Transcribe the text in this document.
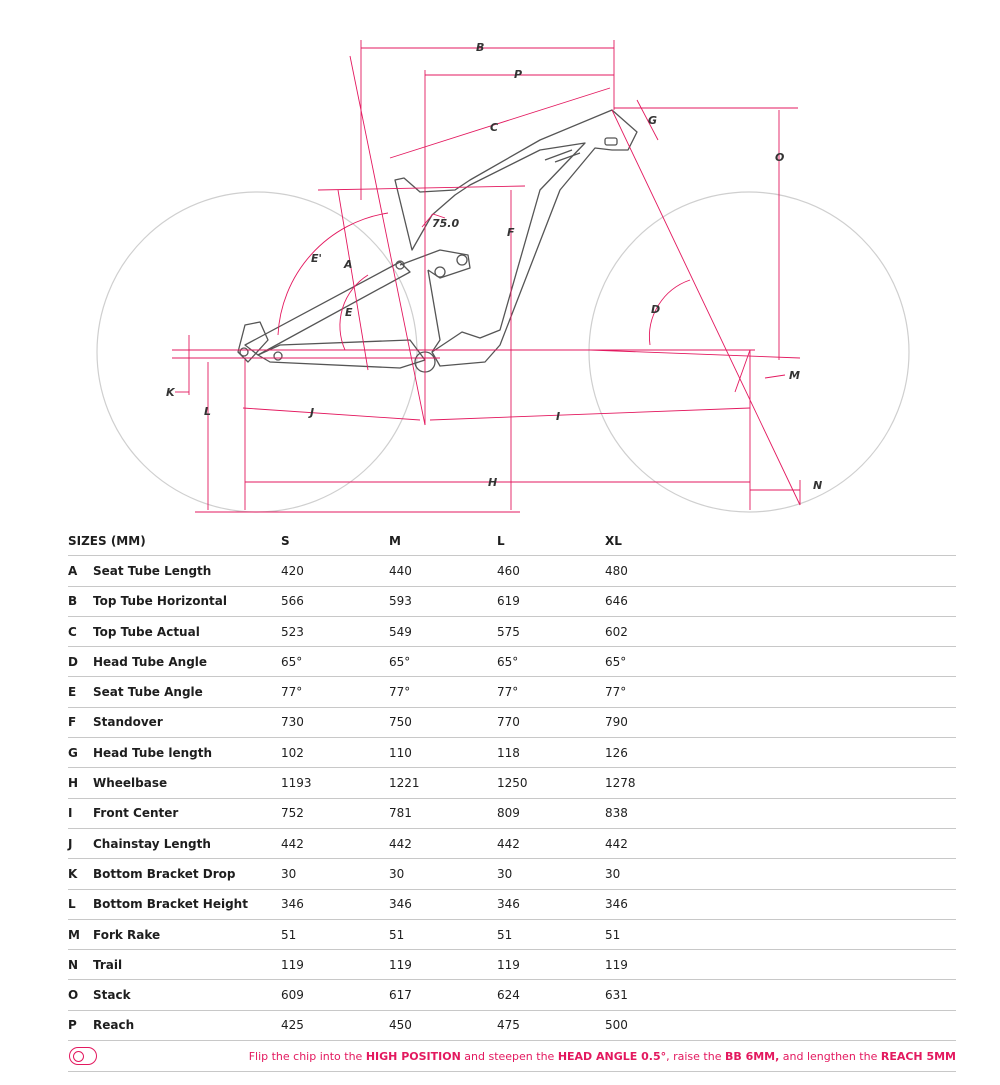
B
P
C
G
O
75.0
F
E' A
D
E
M
K
L	J	I
H	N
SIZES (MM)	S	M	L	XL
A	Seat Tube Length	420	440	460	480
B	Top Tube Horizontal	566	593	619	646
C	Top Tube Actual	523	549	575	602
D	Head Tube Angle	65°	65°	65°	65°
E	Seat Tube Angle	77°	77°	77°	77°
F	Standover	730	750	770	790
G	Head Tube length	102	110	118	126
H	Wheelbase	1193	1221	1250	1278
I	Front Center	752	781	809	838
J	Chainstay Length	442	442	442	442
K	Bottom Bracket Drop	30	30	30	30
L	Bottom Bracket Height	346	346	346	346
M	Fork Rake	51	51	51	51
N	Trail	119	119	119	119
O	Stack	609	617	624	631
P	Reach	425	450	475	500
Flip the chip into the HIGH POSITION and steepen the HEAD ANGLE 0.5°, raise the BB 6MM, and lengthen the REACH 5MM
